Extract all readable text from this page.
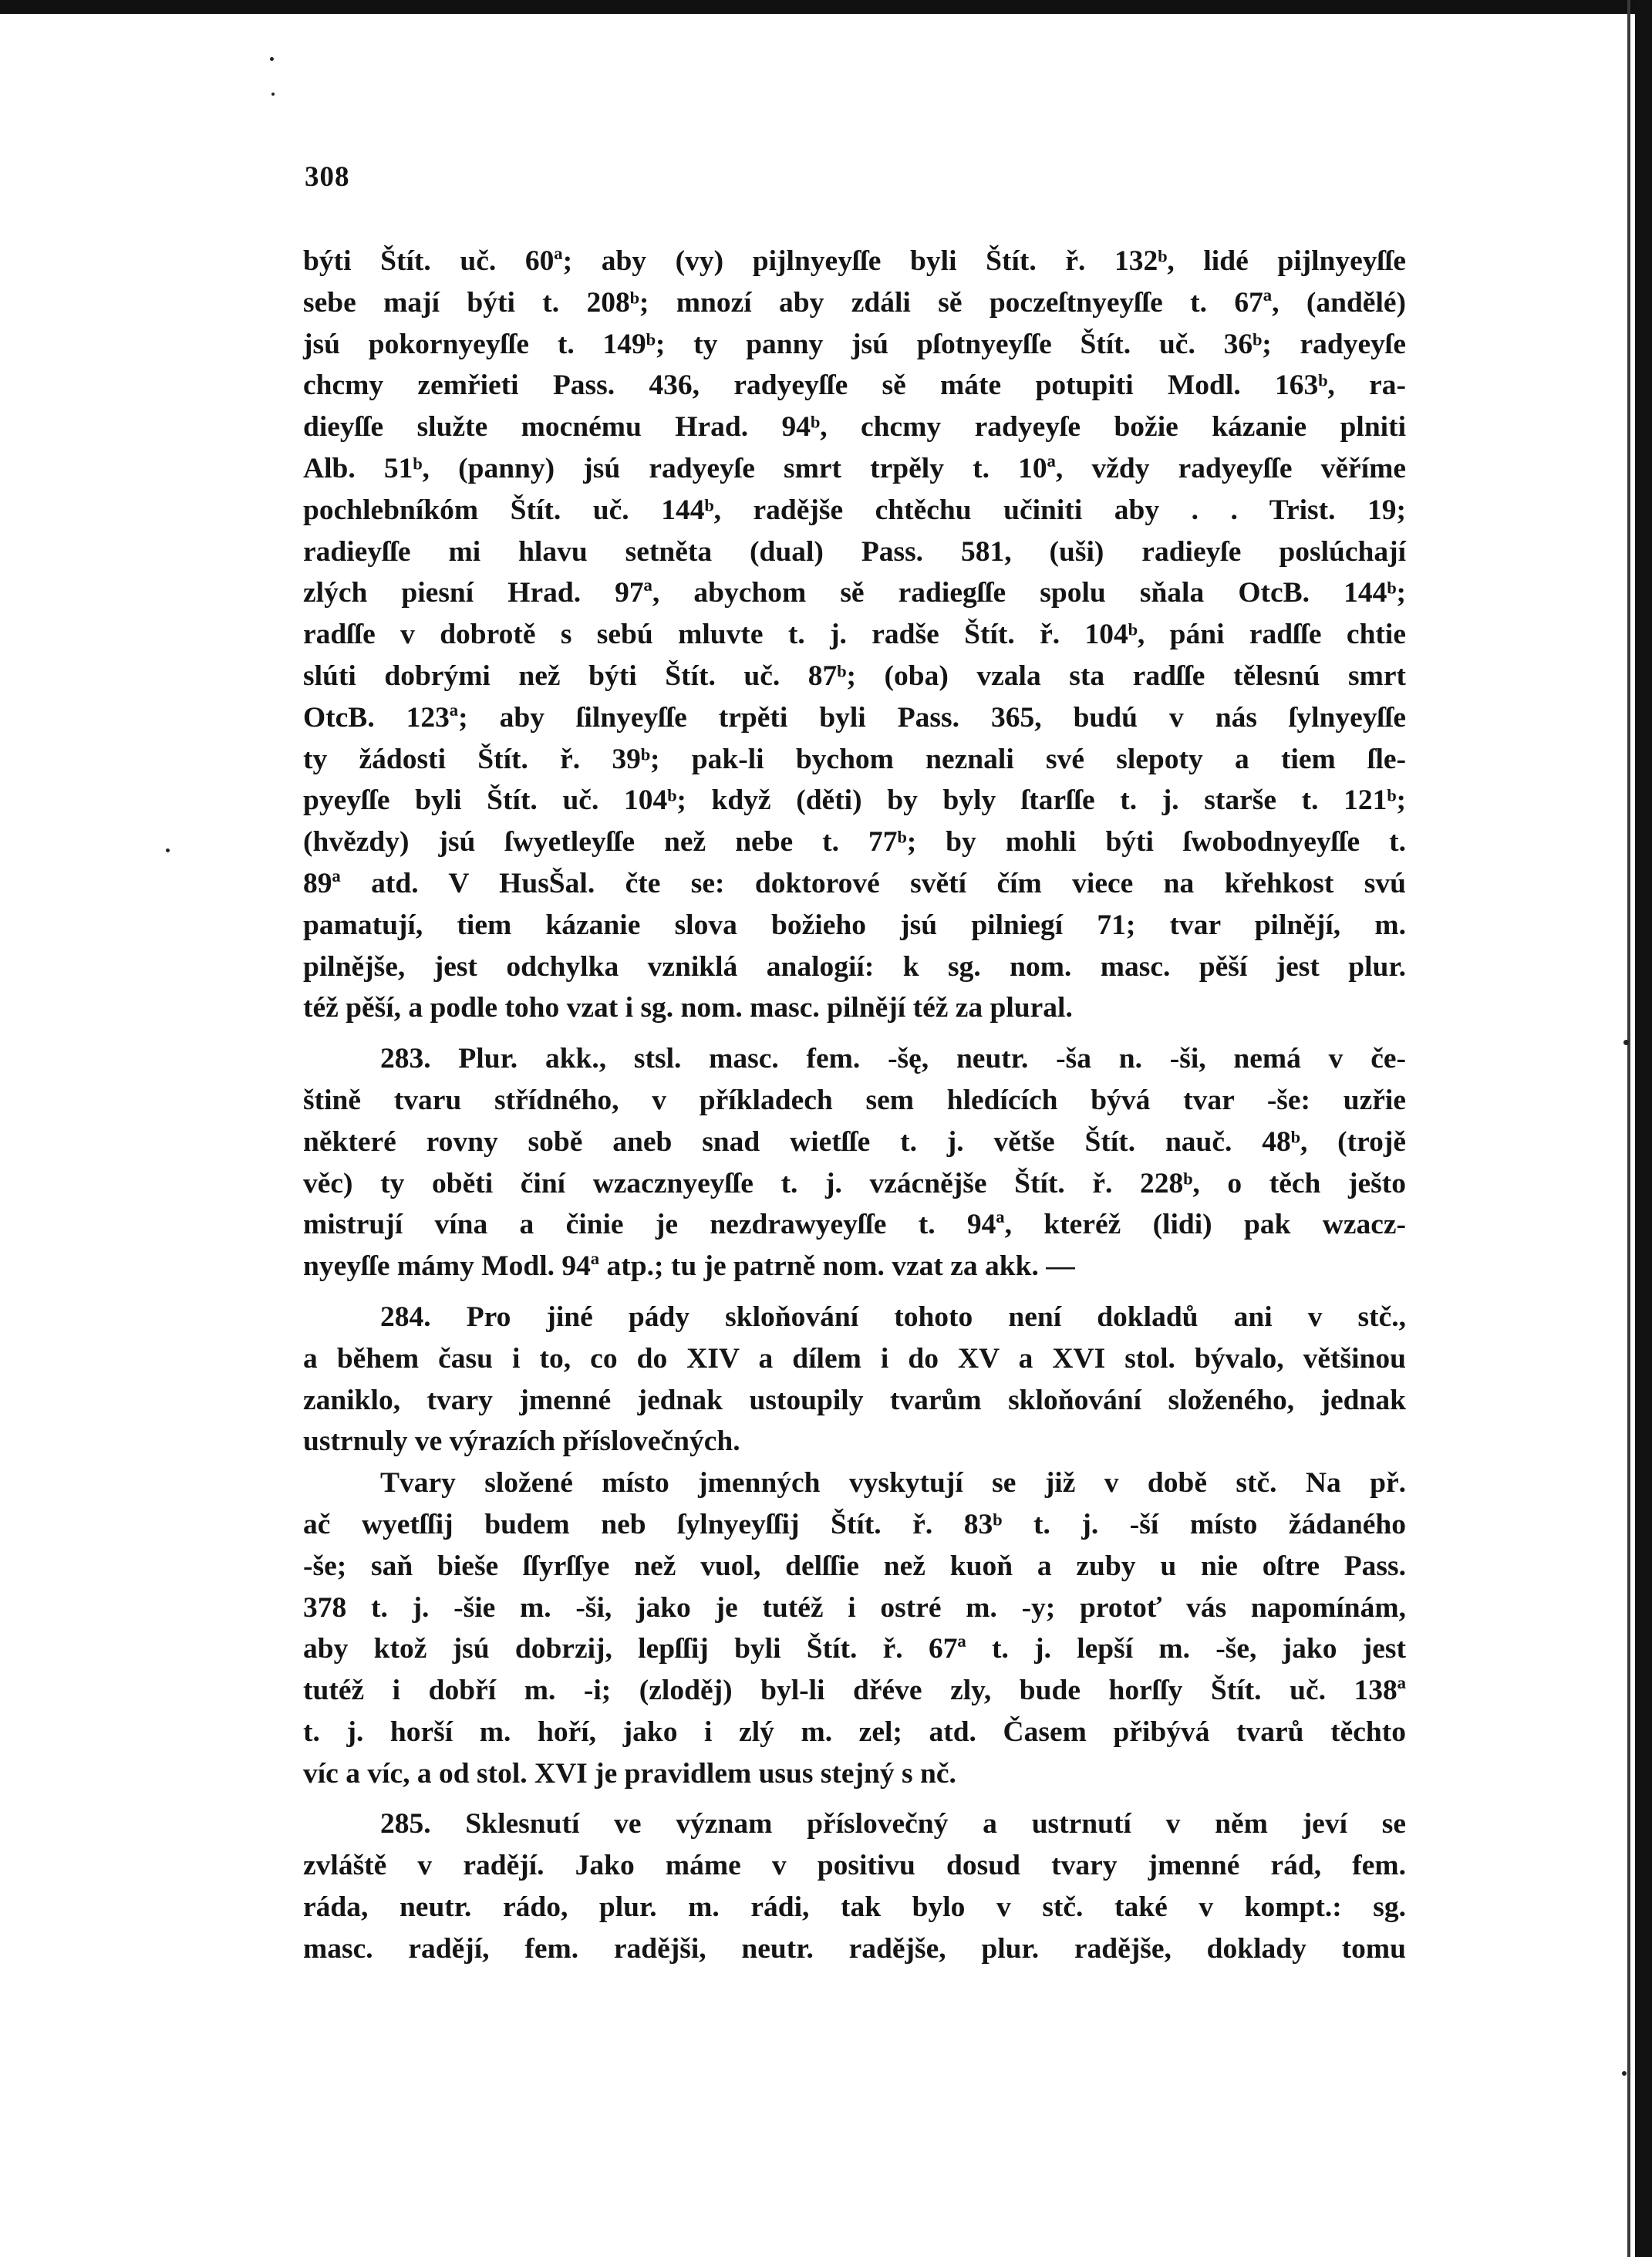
308
býti Štít. uč. 60ª; aby (vy) pijlnyeyſſe byli Štít. ř. 132ᵇ, lidé pijlnyeyſſe
sebe mají býti t. 208ᵇ; mnozí aby zdáli sě poczeſtnyeyſſe t. 67ª, (andělé)
jsú pokornyeyſſe t. 149ᵇ; ty panny jsú pſotnyeyſſe Štít. uč. 36ᵇ; radyeyſe
chcmy zemřieti Pass. 436, radyeyſſe sě máte potupiti Modl. 163ᵇ, ra-
dieyſſe služte mocnému Hrad. 94ᵇ, chcmy radyeyſe božie kázanie plniti
Alb. 51ᵇ, (panny) jsú radyeyſe smrt trpěly t. 10ª, vždy radyeyſſe věříme
pochlebníkóm Štít. uč. 144ᵇ, radějše chtěchu učiniti aby . . Trist. 19;
radieyſſe mi hlavu setněta (dual) Pass. 581, (uši) radieyſe poslúchají
zlých piesní Hrad. 97ª, abychom sě radiegſſe spolu sňala OtcB. 144ᵇ;
radſſe v dobrotě s sebú mluvte t. j. radše Štít. ř. 104ᵇ, páni radſſe chtie
slúti dobrými než býti Štít. uč. 87ᵇ; (oba) vzala sta radſſe tělesnú smrt
OtcB. 123ª; aby ſilnyeyſſe trpěti byli Pass. 365, budú v nás ſylnyeyſſe
ty žádosti Štít. ř. 39ᵇ; pak-li bychom neznali své slepoty a tiem ſle-
pyeyſſe byli Štít. uč. 104ᵇ; když (děti) by byly ſtarſſe t. j. starše t. 121ᵇ;
(hvězdy) jsú ſwyetleyſſe než nebe t. 77ᵇ; by mohli býti ſwobodnyeyſſe t.
89ª atd. V HusŠal. čte se: doktorové světí čím viece na křehkost svú
pamatují, tiem kázanie slova božieho jsú pilniegí 71; tvar pilnějí, m.
pilnějše, jest odchylka vzniklá analogií: k sg. nom. masc. pěší jest plur.
též pěší, a podle toho vzat i sg. nom. masc. pilnějí též za plural.
283. Plur. akk., stsl. masc. fem. -šę, neutr. -ša n. -ši, nemá v če-
štině tvaru střídného, v příkladech sem hledících bývá tvar -še: uzřie
některé rovny sobě aneb snad wietſſe t. j. větše Štít. nauč. 48ᵇ, (trojě
věc) ty oběti činí wzacznyeyſſe t. j. vzácnějše Štít. ř. 228ᵇ, o těch ješto
mistrují vína a činie je nezdrawyeyſſe t. 94ª, kteréž (lidi) pak wzacz-
nyeyſſe mámy Modl. 94ª atp.; tu je patrně nom. vzat za akk. —
284. Pro jiné pády skloňování tohoto není dokladů ani v stč.,
a během času i to, co do XIV a dílem i do XV a XVI stol. bývalo, většinou
zaniklo, tvary jmenné jednak ustoupily tvarům skloňování složeného, jednak
ustrnuly ve výrazích příslovečných.
Tvary složené místo jmenných vyskytují se již v době stč. Na př.
ač wyetſſij budem neb ſylnyeyſſij Štít. ř. 83ᵇ t. j. -ší místo žádaného
-še; saň bieše ſſyrſſye než vuol, delſſie než kuoň a zuby u nie oſtre Pass.
378 t. j. -šie m. -ši, jako je tutéž i ostré m. -y; protoť vás napomínám,
aby ktož jsú dobrzij, lepſſij byli Štít. ř. 67ª t. j. lepší m. -še, jako jest
tutéž i dobří m. -i; (zloděj) byl-li dřéve zly, bude horſſy Štít. uč. 138ª
t. j. horší m. hoří, jako i zlý m. zel; atd. Časem přibývá tvarů těchto
víc a víc, a od stol. XVI je pravidlem usus stejný s nč.
285. Sklesnutí ve význam příslovečný a ustrnutí v něm jeví se
zvláště v radějí. Jako máme v positivu dosud tvary jmenné rád, fem.
ráda, neutr. rádo, plur. m. rádi, tak bylo v stč. také v kompt.: sg.
masc. radějí, fem. radějši, neutr. radějše, plur. radějše, doklady tomu
